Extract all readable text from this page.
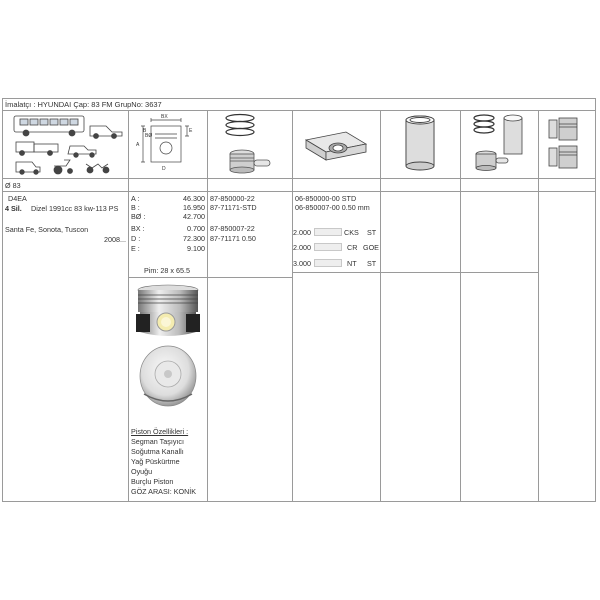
İmalatçı : HYUNDAI Çap: 83 FM GrupNo: 3637
A
B
BØ
BX
E
D
Ø 83
D4EA
4 Sil. Dizel 1991cc 83 kw-113 PS
Santa Fe, Sonota, Tuscon
2008...
A :	46.300
B :	16.950
BØ :	42.700
BX :	0.700
D :	72.300
E :	9.100
Pim: 28 x 65.5
Piston Özellikleri :
Segman Taşıyıcı
Soğutma Kanallı
Yağ Püskürtme
Oyuğu
Burçlu Piston
GÖZ ARASI: KONİK
87-850000-22
87-71171-STD
87-850007-22
87-71171 0.50
06-850000-00 STD
06-850007-00 0.50 mm
2.000	CKS ST
2.000	CR GOE
3.000	NT ST
